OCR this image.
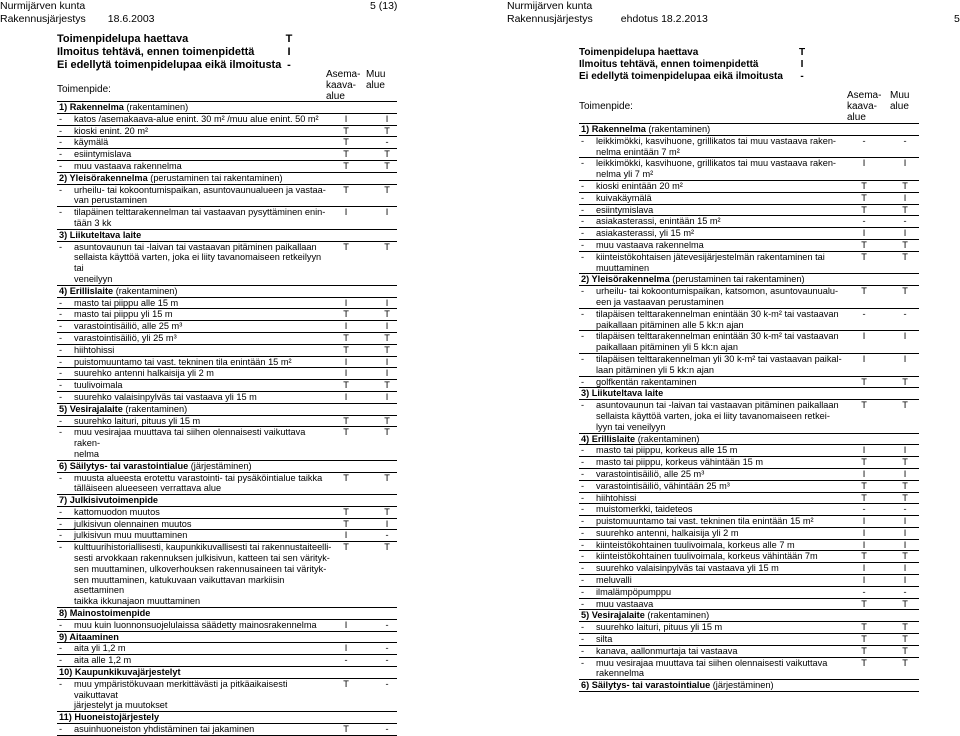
Nurmijärven kunta
Rakennusjärjestys 18.6.2003
5 (13)
Toimenpidelupa haettava	T
Ilmoitus tehtävä, ennen toimenpidettä	I
Ei edellytä toimenpidelupaa eikä ilmoitusta -
Toimenpide:
Asema-
kaava-
alue
Muu
alue
1) Rakennelma (rakentaminen)
- katos /asemakaava-alue enint. 30 m² /muu alue enint. 50 m²	I	I
- kioski enint. 20 m²	T	T
- käymälä	T	-
- esiintymislava	T	T
- muu vastaava rakennelma	T	T
2) Yleisörakennelma (perustaminen tai rakentaminen)
- urheilu- tai kokoontumispaikan, asuntovaunualueen ja vastaa-
van perustaminen
T	T
- tilapäinen telttarakennelman tai vastaavan pysyttäminen enin-
tään 3 kk
I	I
3) Liikuteltava laite
- asuntovaunun tai -laivan tai vastaavan pitäminen paikallaan
sellaista käyttöä varten, joka ei liity tavanomaiseen retkeilyyn tai
veneilyyn
T	T
4) Erillislaite (rakentaminen)
- masto tai piippu alle 15 m	I	I
- masto tai piippu yli 15 m	T	T
- varastointisäiliö, alle 25 m³	I	I
- varastointisäiliö, yli 25 m³	T	T
- hiihtohissi	T	T
- puistomuuntamo tai vast. tekninen tila enintään 15 m²	I	I
- suurehko antenni halkaisija yli 2 m	I	I
- tuulivoimala	T	T
- suurehko valaisinpylväs tai vastaava yli 15 m	I	I
5) Vesirajalaite (rakentaminen)
- suurehko laituri, pituus yli 15 m	T	T
- muu vesirajaa muuttava tai siihen olennaisesti vaikuttava raken-
nelma
T	T
6) Säilytys- tai varastointialue (järjestäminen)
- muusta alueesta erotettu varastointi- tai pysäköintialue taikka
tälläiseen alueeseen verrattava alue
T	T
7) Julkisivutoimenpide
- kattomuodon muutos	T	T
- julkisivun olennainen muutos	T	I
- julkisivun muu muuttaminen	I	-
- kulttuurihistoriallisesti, kaupunkikuvallisesti tai rakennustaiteelli-
sesti arvokkaan rakennuksen julkisivun, katteen tai sen värityk-
sen muuttaminen, ulkoverhouksen rakennusaineen tai värityk-
sen muuttaminen, katukuvaan vaikuttavan markiisin asettaminen
taikka ikkunajaon muuttaminen
T	T
8) Mainostoimenpide
- muu kuin luonnonsuojelulaissa säädetty mainosrakennelma	I	-
9) Aitaaminen
- aita yli 1,2 m	I	-
- aita alle 1,2 m	-	-
10) Kaupunkikuvajärjestelyt
- muu ympäristökuvaan merkittävästi ja pitkäaikaisesti vaikuttavat
järjestelyt ja muutokset
T	-
11) Huoneistojärjestely
- asuinhuoneiston yhdistäminen tai jakaminen	T	-
Nurmijärven kunta
Rakennusjärjestys	ehdotus 18.2.2013	5
Toimenpidelupa haettava	T
Ilmoitus tehtävä, ennen toimenpidettä	I
Ei edellytä toimenpidelupaa eikä ilmoitusta	-
Toimenpide:
Asema-
kaava-
alue
Muu
alue
1) Rakennelma (rakentaminen)
- leikkimökki, kasvihuone, grillikatos tai muu vastaava raken-
nelma enintään 7 m²
-	-
- leikkimökki, kasvihuone, grillikatos tai muu vastaava raken-
nelma yli 7 m²
I	I
- kioski enintään 20 m²	T	T
- kuivakäymälä	T	I
- esiintymislava	T	T
- asiakasterassi, enintään 15 m²	-	-
- asiakasterassi, yli 15 m²	I	I
- muu vastaava rakennelma	T	T
- kiinteistökohtaisen jätevesijärjestelmän rakentaminen tai
muuttaminen
T	T
2) Yleisörakennelma (perustaminen tai rakentaminen)
- urheilu- tai kokoontumispaikan, katsomon, asuntovaunualu-
een ja vastaavan perustaminen
T	T
- tilapäisen telttarakennelman enintään 30 k-m² tai vastaavan
paikallaan pitäminen alle 5 kk:n ajan
-	-
- tilapäisen telttarakennelman enintään 30 k-m² tai vastaavan
paikallaan pitäminen yli 5 kk:n ajan
I	I
- tilapäisen telttarakennelman yli 30 k-m² tai vastaavan paikal-
laan pitäminen yli 5 kk:n ajan
I	I
- golfkentän rakentaminen	T	T
3) Liikuteltava laite
- asuntovaunun tai -laivan tai vastaavan pitäminen paikallaan
sellaista käyttöä varten, joka ei liity tavanomaiseen retkei-
lyyn tai veneilyyn
T	T
4) Erillislaite (rakentaminen)
- masto tai piippu, korkeus alle 15 m	I	I
- masto tai piippu, korkeus vähintään 15 m	T	T
- varastointisäiliö, alle 25 m³	I	I
- varastointisäiliö, vähintään 25 m³	T	T
- hiihtohissi	T	T
- muistomerkki, taideteos	-	-
- puistomuuntamo tai vast. tekninen tila enintään 15 m²	I	I
- suurehko antenni, halkaisija yli 2 m	I	I
- kiinteistökohtainen tuulivoimala, korkeus alle 7 m	I	I
- kiinteistökohtainen tuulivoimala, korkeus vähintään 7m	T	T
- suurehko valaisinpylväs tai vastaava yli 15 m	I	I
- meluvalli	I	I
- ilmalämpöpumppu	-	-
- muu vastaava	T	T
5) Vesirajalaite (rakentaminen)
- suurehko laituri, pituus yli 15 m	T	T
- silta	T	T
- kanava, aallonmurtaja tai vastaava	T	T
- muu vesirajaa muuttava tai siihen olennaisesti vaikuttava
rakennelma
T	T
6) Säilytys- tai varastointialue (järjestäminen)
